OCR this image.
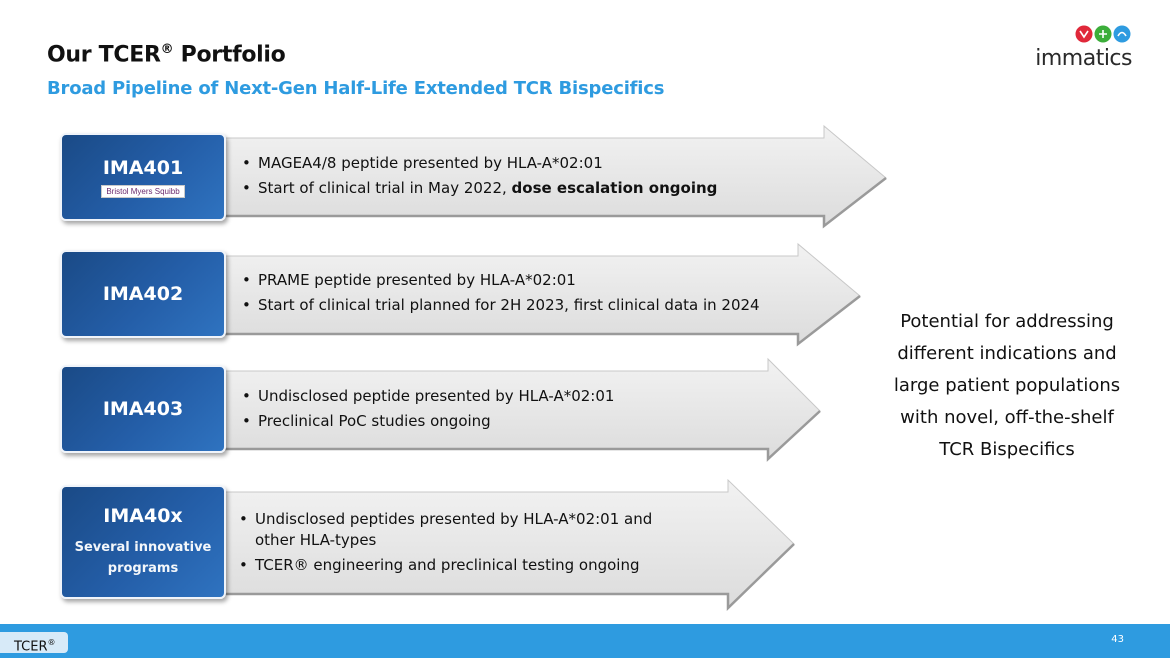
Our TCER® Portfolio
Broad Pipeline of Next-Gen Half-Life Extended TCR Bispecifics
immatics
IMA401
Bristol Myers Squibb
• MAGEA4/8 peptide presented by HLA-A*02:01
• Start of clinical trial in May 2022, dose escalation ongoing
IMA402
• PRAME peptide presented by HLA-A*02:01
• Start of clinical trial planned for 2H 2023, first clinical data in 2024
IMA403
• Undisclosed peptide presented by HLA-A*02:01
• Preclinical PoC studies ongoing
IMA40x
Several innovative
programs
• Undisclosed peptides presented by HLA-A*02:01 and
other HLA-types
• TCER® engineering and preclinical testing ongoing
Potential for addressing
different indications and
large patient populations
with novel, off-the-shelf
TCR Bispecifics
TCER®	43
